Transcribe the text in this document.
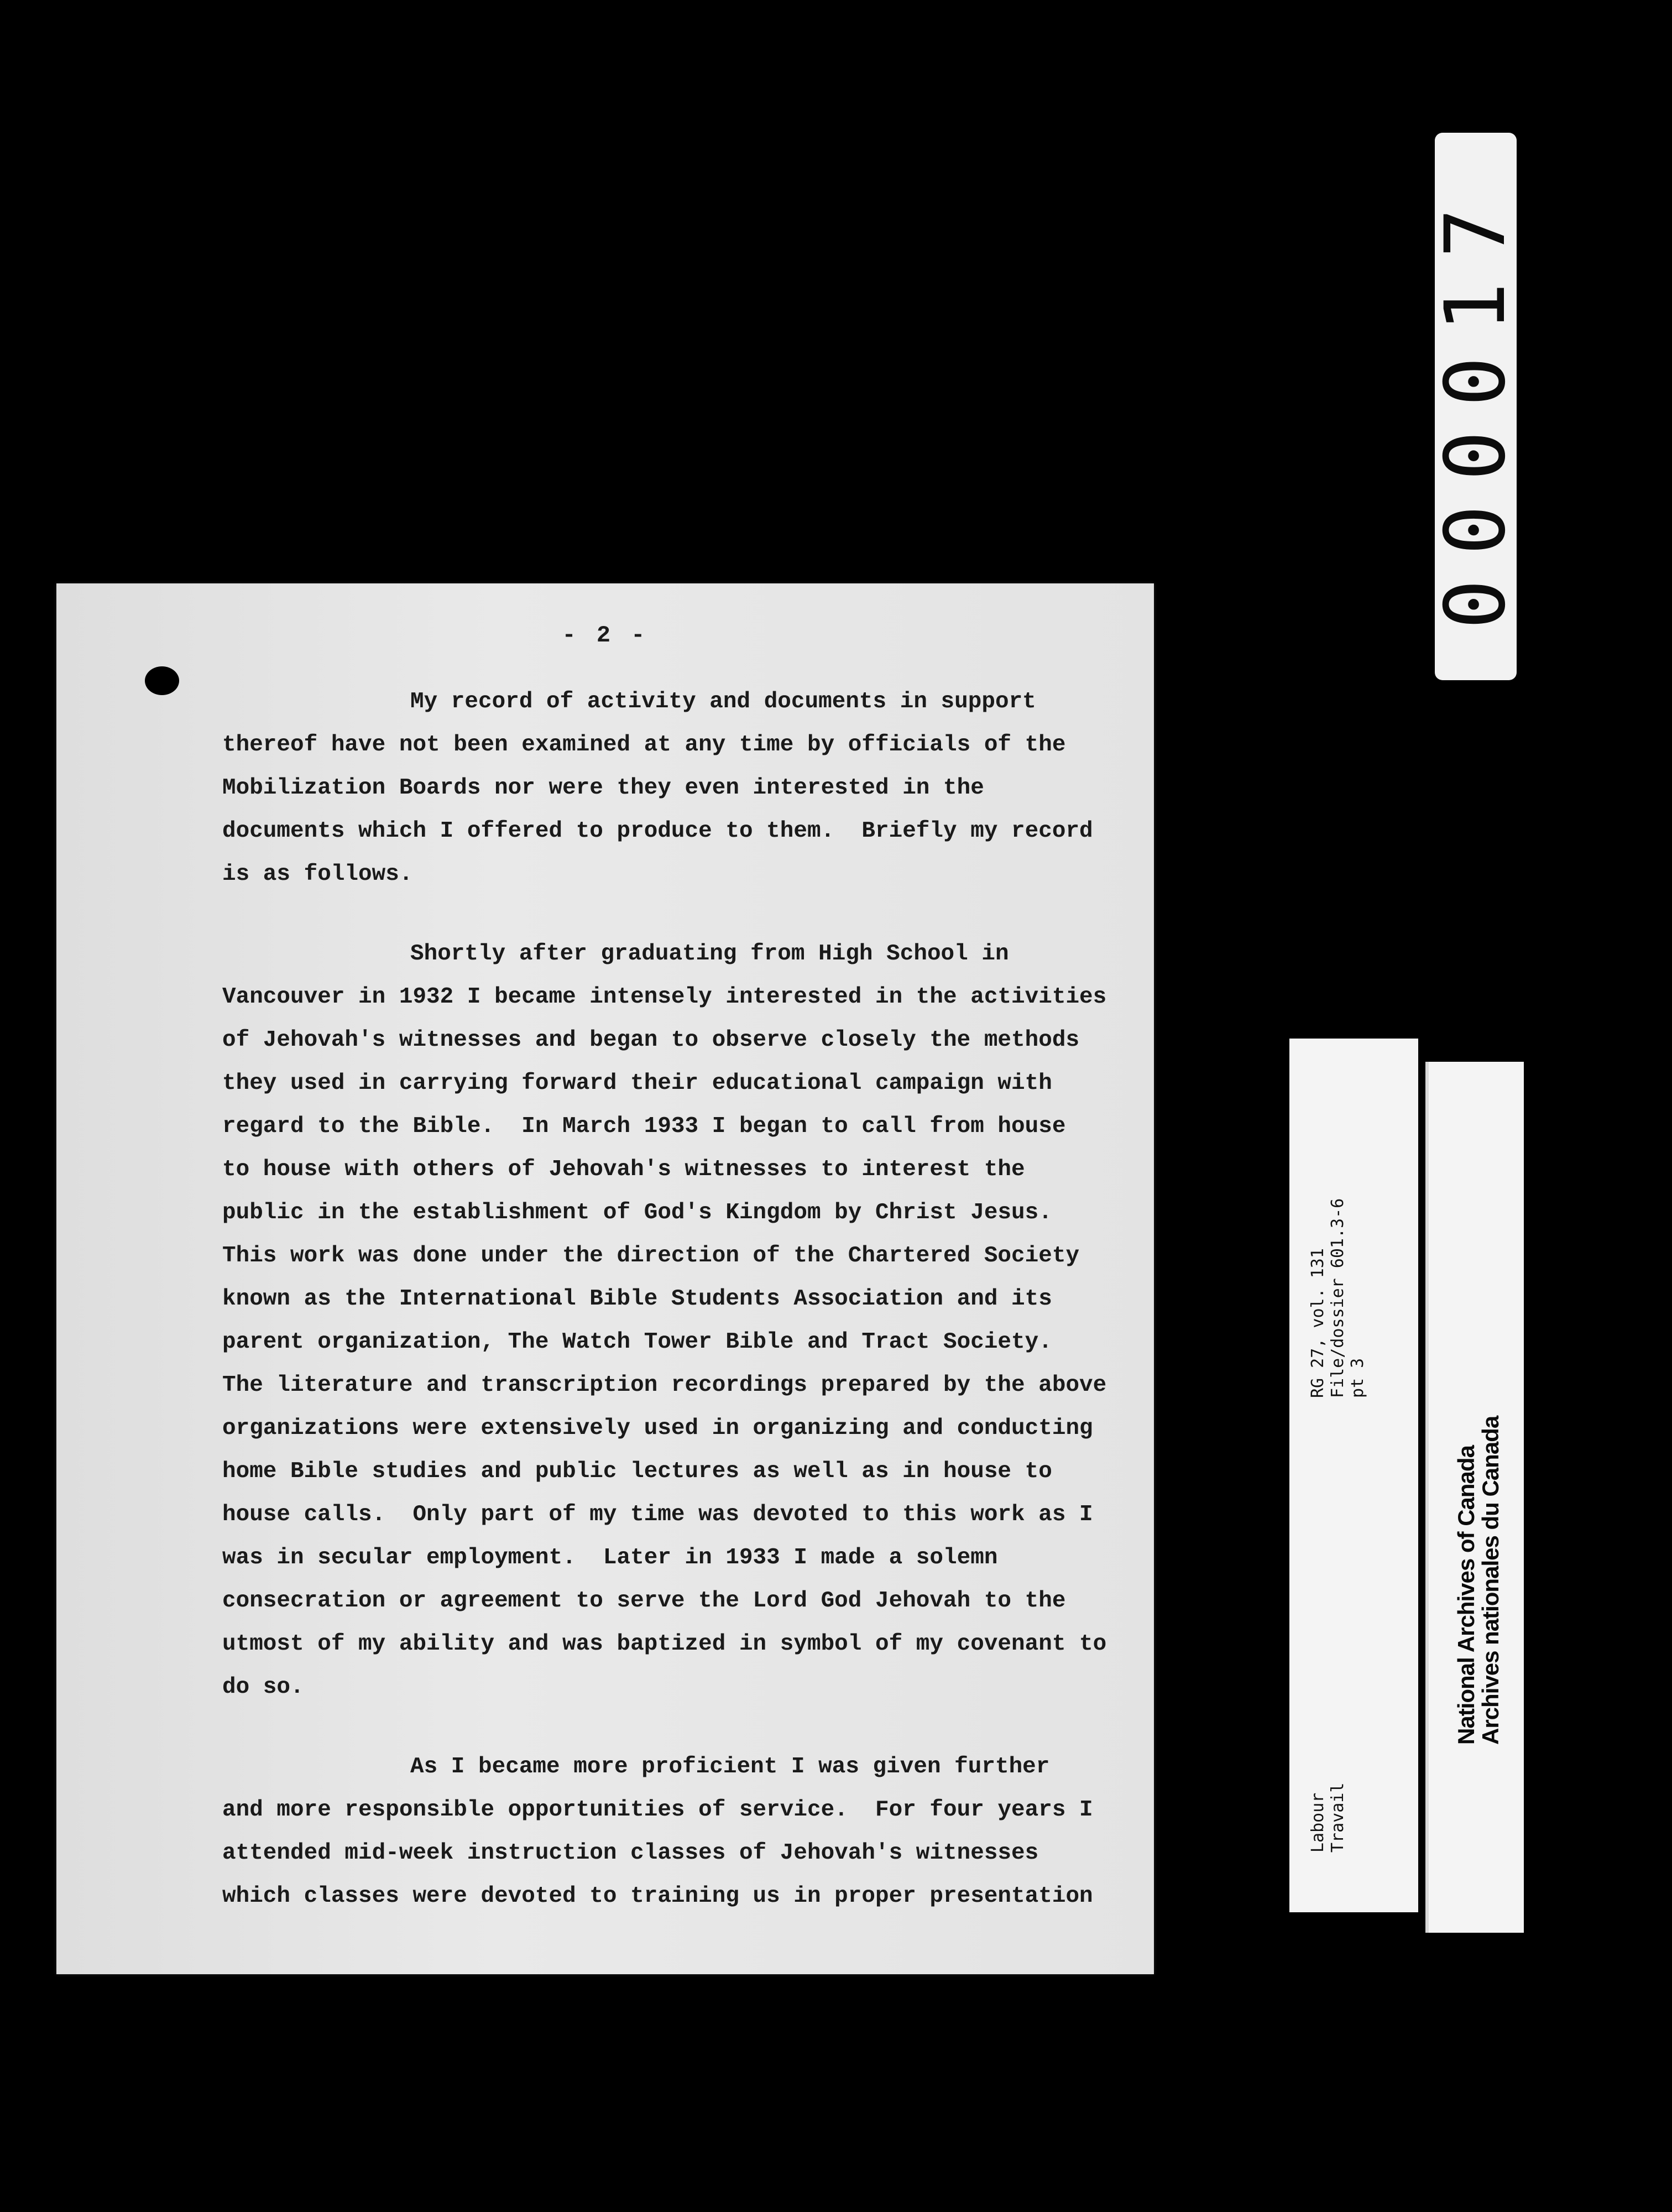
- 2 -
My record of activity and documents in support
thereof have not been examined at any time by officials of the
Mobilization Boards nor were they even interested in the
documents which I offered to produce to them.  Briefly my record
is as follows.
Shortly after graduating from High School in
Vancouver in 1932 I became intensely interested in the activities
of Jehovah's witnesses and began to observe closely the methods
they used in carrying forward their educational campaign with
regard to the Bible.  In March 1933 I began to call from house
to house with others of Jehovah's witnesses to interest the
public in the establishment of God's Kingdom by Christ Jesus.
This work was done under the direction of the Chartered Society
known as the International Bible Students Association and its
parent organization, The Watch Tower Bible and Tract Society.
The literature and transcription recordings prepared by the above
organizations were extensively used in organizing and conducting
home Bible studies and public lectures as well as in house to
house calls.  Only part of my time was devoted to this work as I
was in secular employment.  Later in 1933 I made a solemn
consecration or agreement to serve the Lord God Jehovah to the
utmost of my ability and was baptized in symbol of my covenant to
do so.
As I became more proficient I was given further
and more responsible opportunities of service.  For four years I
attended mid-week instruction classes of Jehovah's witnesses
which classes were devoted to training us in proper presentation
000017
Labour Travail
RG 27, vol. 131 File/dossier 601.3-6 pt 3
National Archives of Canada
Archives nationales du Canada
